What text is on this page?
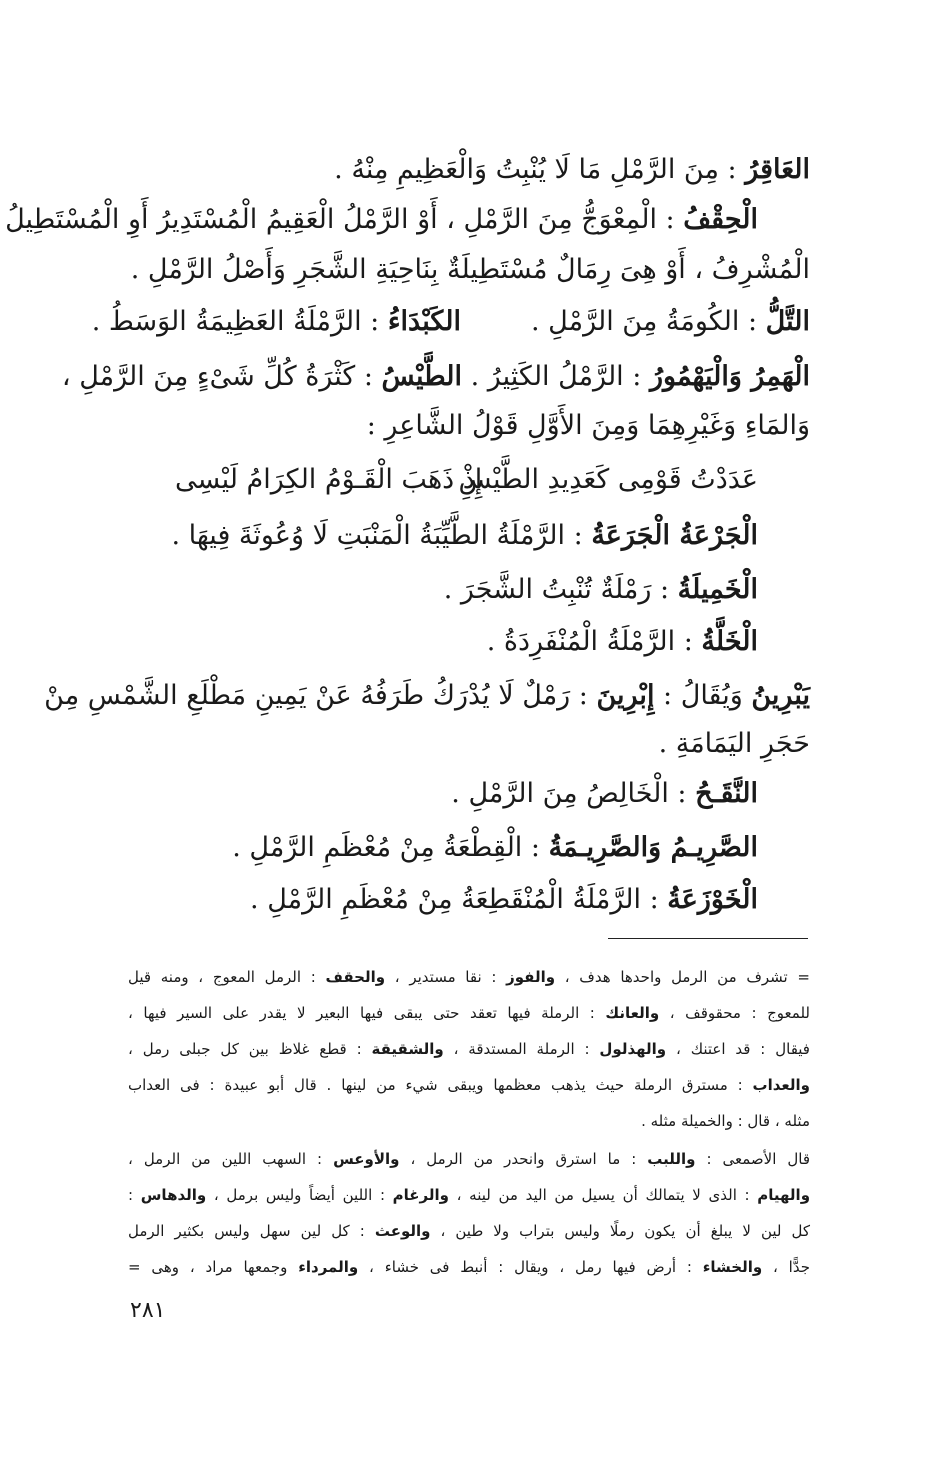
العَاقِرُ : مِنَ الرَّمْلِ مَا لَا يُنْبِتُ وَالْعَظِيمِ مِنْهُ .
الْحِقْفُ : الْمِعْوَجُّ مِنَ الرَّمْلِ ، أَوْ الرَّمْلُ الْعَقِيمُ الْمُسْتَدِيرُ أَوِ الْمُسْتَطِيلُ
الْمُشْرِفُ ، أَوْ هِىَ رِمَالٌ مُسْتَطِيلَةٌ بِنَاحِيَةِ الشَّجَرِ وَأَصْلُ الرَّمْلِ .
التَّلُّ : الكُومَةُ مِنَ الرَّمْلِ .الكَبْدَاءُ : الرَّمْلَةُ العَظِيمَةُ الوَسَطُ .
الْهَمِرُ وَالْيَهْمُورُ : الرَّمْلُ الكَثِيرُ . الطَّيْسُ : كَثْرَةُ كُلِّ شَىْءٍ مِنَ الرَّمْلِ ،
وَالمَاءِ وَغَيْرِهِمَا وَمِنَ الأَوَّلِ قَوْلُ الشَّاعِرِ :
عَدَدْتُ قَوْمِى كَعَدِيدِ الطَّيْسِ
إِذْ ذَهَبَ الْقَـوْمُ الكِرَامُ لَيْسِى
الْجَرْعَةُ الْجَرَعَةُ : الرَّمْلَةُ الطَّيِّبَةُ الْمَنْبَتِ لَا وُعُوثَةَ فِيهَا .
الْخَمِيلَةُ : رَمْلَةٌ تُنْبِتُ الشَّجَرَ .
الْخَلَّةُ : الرَّمْلَةُ الْمُنْفَرِدَةُ .
يَبْرِينُ وَيُقَالُ : إِبْرِينَ : رَمْلٌ لَا يُدْرَكُ طَرَفُهُ عَنْ يَمِينِ مَطْلَعِ الشَّمْسِ مِنْ
حَجَرِ اليَمَامَةِ .
النَّقَـحُ : الْخَالِصُ مِنَ الرَّمْلِ .
الصَّرِيـمُ وَالصَّرِيـمَةُ : الْقِطْعَةُ مِنْ مُعْظَمِ الرَّمْلِ .
الْخَوْزَعَةُ : الرَّمْلَةُ الْمُنْقَطِعَةُ مِنْ مُعْظَمِ الرَّمْلِ .
= تشرف من الرمل واحدها هدف ، والفوز : نقا مستدير ، والحقف : الرمل المعوج ، ومنه قيل
للمعوج : محقوقف ، والعانك : الرملة فيها تعقد حتى يبقى فيها البعير لا يقدر على السير فيها ،
فيقال : قد اعتنك ، والهذلول : الرملة المستدقة ، والشقيقة : قطع غلاظ بين كل جبلى رمل ،
والعداب : مسترق الرملة حيث يذهب معظمها ويبقى شيء من لينها . قال أبو عبيدة : فى العداب
مثله ، قال : والخميلة مثله .
قال الأصمعى : واللبب : ما استرق وانحدر من الرمل ، والأوعس : السهب اللين من الرمل ،
والهيام : الذى لا يتمالك أن يسيل من اليد من لينه ، والرغام : اللين أيضاً وليس برمل ، والدهاس :
كل لين لا يبلغ أن يكون رملًا وليس بتراب ولا طين ، والوعث : كل لين سهل وليس بكثير الرمل
جدًّا ، والخشاء : أرض فيها رمل ، ويقال : أنبط فى خشاء ، والمرداء وجمعها مراد ، وهى =
٢٨١
